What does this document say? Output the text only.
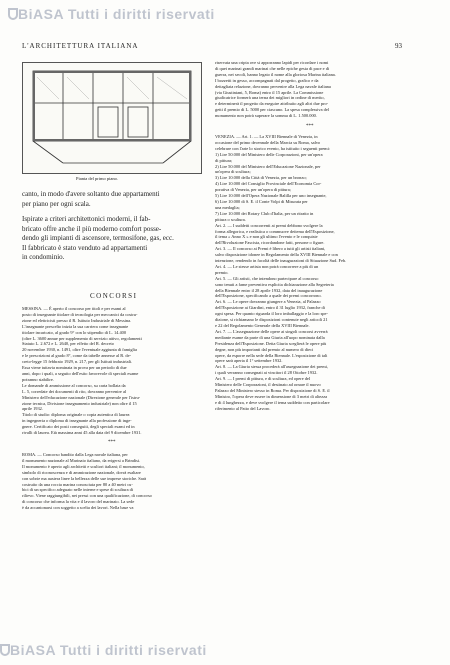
BiASA Tutti i diritti riservati
BiASA Tutti i diritti riservati
L'ARCHITETTURA ITALIANA	93
Pianta del primo piano.
canto, in modo d'avere soltanto due appartamenti
per piano per ogni scala.
Ispirate a criteri architettonici moderni, il fab-
bricato offre anche il più moderno comfort posse-
dendo gli impianti di ascensore, termosifone, gas, ecc.
Il fabbricato è stato venduto ad appartamenti
in condominio.
CONCORSI
MESSINA. — È aperto il concorso per titoli e per esami al
posto di insegnante titolare di tecnologia per meccanici da costru-
zione ed elettricisti presso il R. Istituto Industriale di Messina.
L'insegnante prescelto inizia la sua carriera come insegnante
titolare incaricato, al grado 9° con lo stipendio di L. 14.400
(oltre L. 3600 annue per supplemento di servizio attivo, regolamenti
Statuto L. 2.672 e L. 2640, per effetto del R. decreto
20 novembre 1930, n. 1491, oltre l'eventuale aggiunta di famiglia
e le prescrizioni al grado 8°, come da tabelle annesse al R. de-
creto-legge 15 febbraio 1929, n. 217, per gli Istituti industriali.
Essa viene tuttavia nominata in prova per un periodo di due
anni, dopo i quali, a seguito dell'esito favorevole di speciali esame
potranno stabilire.
Le domande di ammissione al concorso, su carta bollata da
L. 5, corredate dei documenti di rito, dovranno pervenire al
Ministero dell'educazione nazionale (Direzione generale per l'istru-
zione tecnica, Divisione insegnamento industriale) non oltre il 15
aprile 1932.
Titolo di studio: diploma originale o copia autentica di laurea
in ingegneria o diploma di insegnante alla professione di inge-
gnere. Certificato dei posti conseguiti, degli speciali esami ed in
rivalli di laurea. Età massima anni 45 alla data del 9 dicembre 1931.
***
ROMA. — Concorso bandito dalla Lega navale italiana, per
il monumento nazionale al Marinaio italiano, da erigersi a Brindisi.
Il monumento è aperto agli architetti e scultori italiani; il monumento,
simbolo di riconoscenza e di ammirazione nazionale, dovrà esaltare
con sobrie ma austera linee la bellezza delle sue imprese storiche. Sarà
costruito da una roccia marina conosciuta per 80 a 40 metri cu-
bici di un specifico adeguato nelle interne e spese di scultura di
rilievo. Viene raggiungibili, nei pressi con una qualificazione, di concorso
di concorso che informa la vita e il lavoro del marinaio. La sede
è da accantonarsi con soggetto a scelta dei lavori. Nella base va
riservata una cripta ove si apporranno lapidi per ricordare i nomi
di quei marinai grandi marinai che nelle epiche gesta di pace e di
guerra, nei secoli, hanno legato il nome alla gloriosa Marina italiana.
I bozzetti in gesso, accompagnati dal progetto, grafico e da
dettagliata relazione, dovranno pervenire alla Lega navale italiana
(via Giustiniani, 5, Roma) entro il 15 aprile. La Commissione
giudicatrice formerà una terna dei migliori in ordine di merito,
e determinerà il progetto da eseguire attribuito agli altri due pro-
getti il premio di L. 5000 per ciascuno. La spesa complessiva del
monumento non potrà superare la somma di L. 1.500.000.
***
VENEZIA. — Art. 1. — La XVIII Biennale di Venezia, in
occasione del primo decennale della Marcia su Roma, salvo
celebrare con l'arte lo storico evento, ha istituito i seguenti premi:
1) Lire 50.000 del Ministero delle Corporazioni, per un'opera
di pittura;
2) Lire 50.000 del Ministero dell'Educazione Nazionale, per
un'opera di scultura;
3) Lire 10.000 della Città di Venezia, per un bronzo;
4) Lire 10.000 del Consiglio Provinciale dell'Economia Cor-
porativa di Venezia, per un'opera di pittura;
5) Lire 10.000 dell'Opera Nazionale Balilla per uno insegnante,
6) Lire 10.000 di S. E. il Conte Volpi di Misurata per
una medaglia;
7) Lire 10.000 dei Rotary Club d'Italia, per un ritratto in
pittura o scultura.
Art. 2. — I suddetti concorrenti ai premi debbono svolgere la
forma allegorica, e realistica o commuove deitema dell'Esposizione,
il tema « Anno X » e non gli ultimo l'evento e le conquiste
dell'Rivoluzione Fascista, ricordandone fatti, persone o figure.
Art. 3. — Il concorso ai Premi è libero a tutti gli artisti italiani,
salvo disposizione idonee in Regolamento della XVIII Biennale e con
intenzione, rendendo in facoltà delle inaugurazioni di Situazione Sud. Feb.
Art. 4. — Le stesse artista non potrà concorrere a più di un
premio.
Art. 5. — Gli artisti, che intendono partecipare al concorso
sono tenuti a fame preventiva esplicita dichiarazione alla Segreteria
della Biennale entro il 28 aprile 1932, data del inaugurazione
dell'Esposizione, specificando a quale dei premi concorrono.
Art. 6. — Le opere dovranno giungere a Venezia, al Palazzo
dell'Esposizione ai Giardini, entro il 31 luglio 1932, franche di
ogni spesa. Per quanto riguarda il loro imballaggio e la loro spe-
dizione, si richiamano le disposizioni contenute negli articoli 21
e 22 del Regolamento Generale della XVIII Biennale.
Art. 7. — L'assegnazione delle opere ai singoli concorsi avverrà
mediante esame da parte di una Giuria all'uopo nominata dalla
Presidenza dell'Esposizione. Detta Giuria sceglierà le opere più
degne, non più importanti dal premio al numero di dieci
opere, da esporre nella sede della Biennale. L'esposizione di tali
opere sarà aperta il 1° settembre 1932.
Art. 8. — La Giuria stessa procederà all'assegnazione dei premi,
i quali verranno consegnati ai vincitori il 28 Ottobre 1932.
Art. 9. — I premi di pittura, e di scultura, ed opere del
Ministero delle Corporazioni, il destinato ad ornare il nuovo
Palazzo del Ministero stesso in Roma. Per disposizione di S. E. il
Ministro, l'opera deve essere in dimensione di 3 metri di altezza
e di 4 lunghezza, e deve svolgere il tema suddetto con particolare
riferimento al Patto del Lavoro.
